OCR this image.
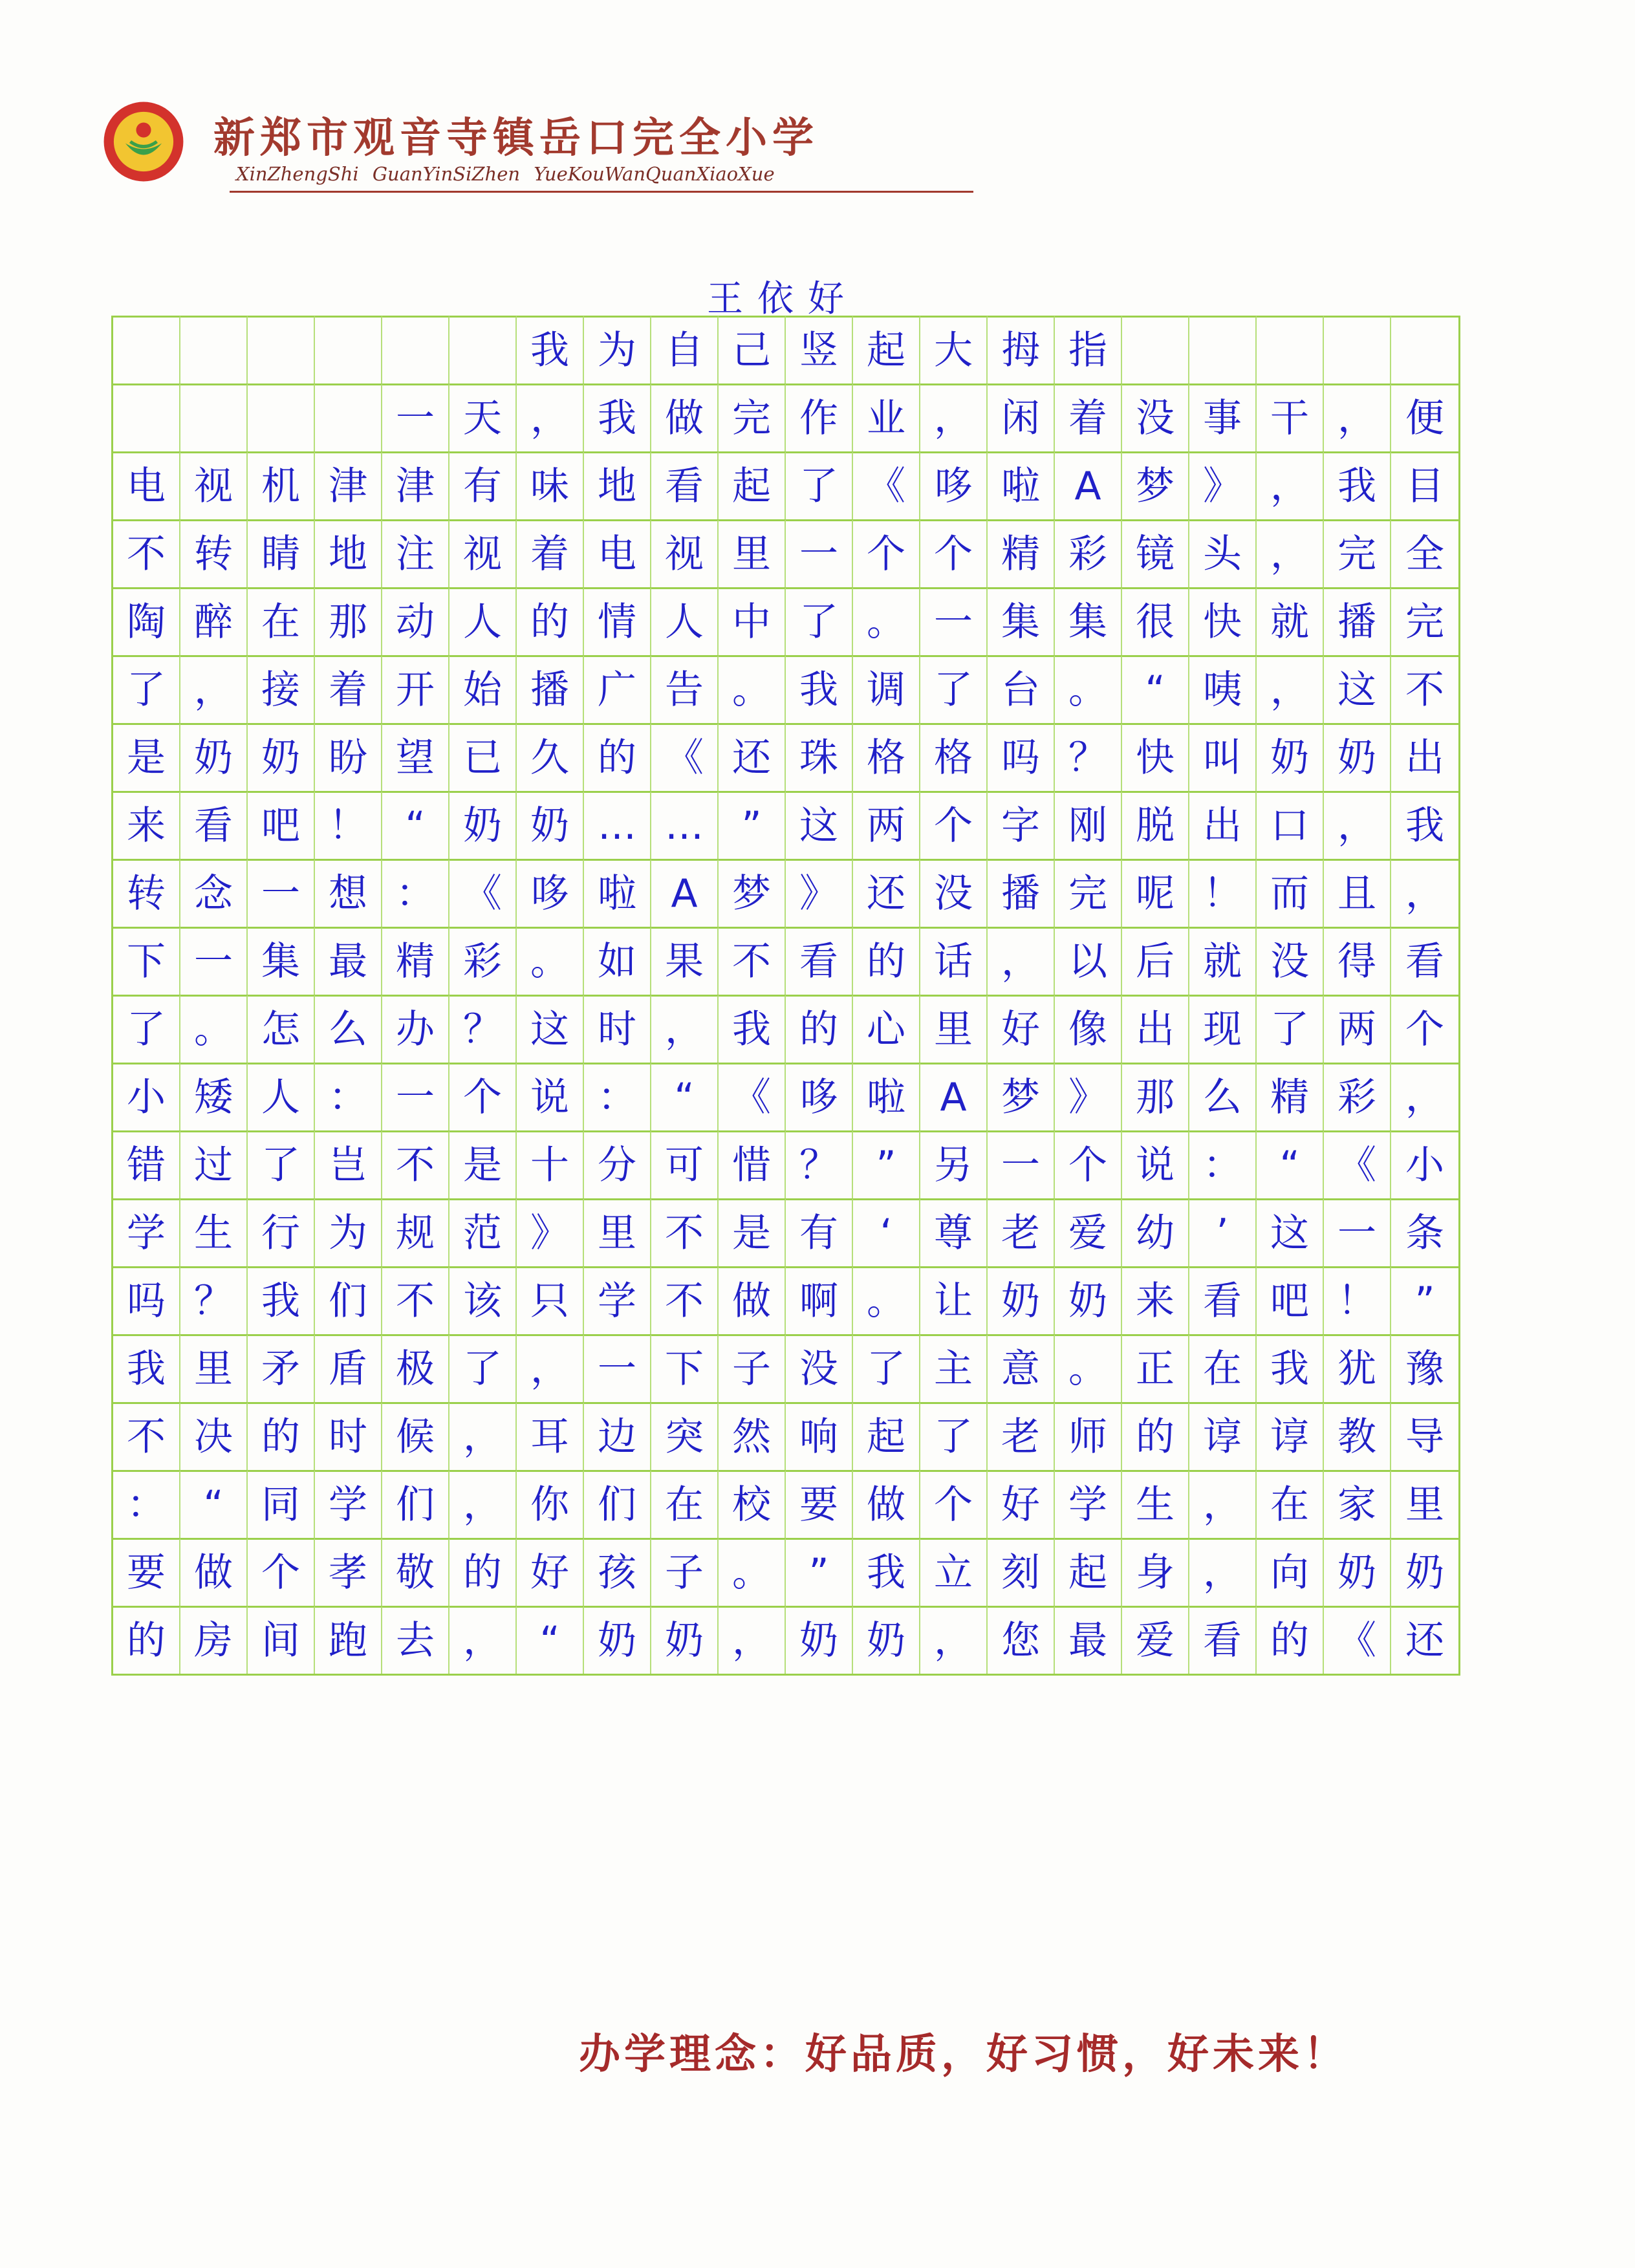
新郑市观音寺镇岳口完全小学
XinZhengShi GuanYinSiZhen YueKouWanQuanXiaoXue
王依好
我 为 自 己 竖 起 大 拇 指
一 天 ， 我 做 完 作 业 ， 闲 着 没 事 干 ， 便
电 视 机 津 津 有 味 地 看 起 了 《 哆 啦 A 梦 》 ， 我 目
不 转 睛 地 注 视 着 电 视 里 一 个 个 精 彩 镜 头 ， 完 全
陶 醉 在 那 动 人 的 情 人 中 了 。 一 集 集 很 快 就 播 完
了 ， 接 着 开 始 播 广 告 。 我 调 了 台 。 “ 咦 ， 这 不
是 奶 奶 盼 望 已 久 的 《 还 珠 格 格 吗 ？ 快 叫 奶 奶 出
来 看 吧 ！ “ 奶 奶 … … ” 这 两 个 字 刚 脱 出 口 ， 我
转 念 一 想 ： 《 哆 啦 A 梦 》 还 没 播 完 呢 ！ 而 且 ，
下 一 集 最 精 彩 。 如 果 不 看 的 话 ， 以 后 就 没 得 看
了 。 怎 么 办 ？ 这 时 ， 我 的 心 里 好 像 出 现 了 两 个
小 矮 人 ： 一 个 说 ： “ 《 哆 啦 A 梦 》 那 么 精 彩 ，
错 过 了 岂 不 是 十 分 可 惜 ？ ” 另 一 个 说 ： “ 《 小
学 生 行 为 规 范 》 里 不 是 有	‘	尊 老 爱 幼	’	这 一 条
吗 ？ 我 们 不 该 只 学 不 做 啊 。 让 奶 奶 来 看 吧 ！ ”
我 里 矛 盾 极 了 ， 一 下 子 没 了 主 意 。 正 在 我 犹 豫
不 决 的 时 候 ， 耳 边 突 然 响 起 了 老 师 的 谆 谆 教 导
： “ 同 学 们 ， 你 们 在 校 要 做 个 好 学 生 ， 在 家 里
要 做 个 孝 敬 的 好 孩 子 。 ” 我 立 刻 起 身 ， 向 奶 奶
的 房 间 跑 去 ， “ 奶 奶 ， 奶 奶 ， 您 最 爱 看 的 《 还
办学理念：好品质，好习惯，好未来！
